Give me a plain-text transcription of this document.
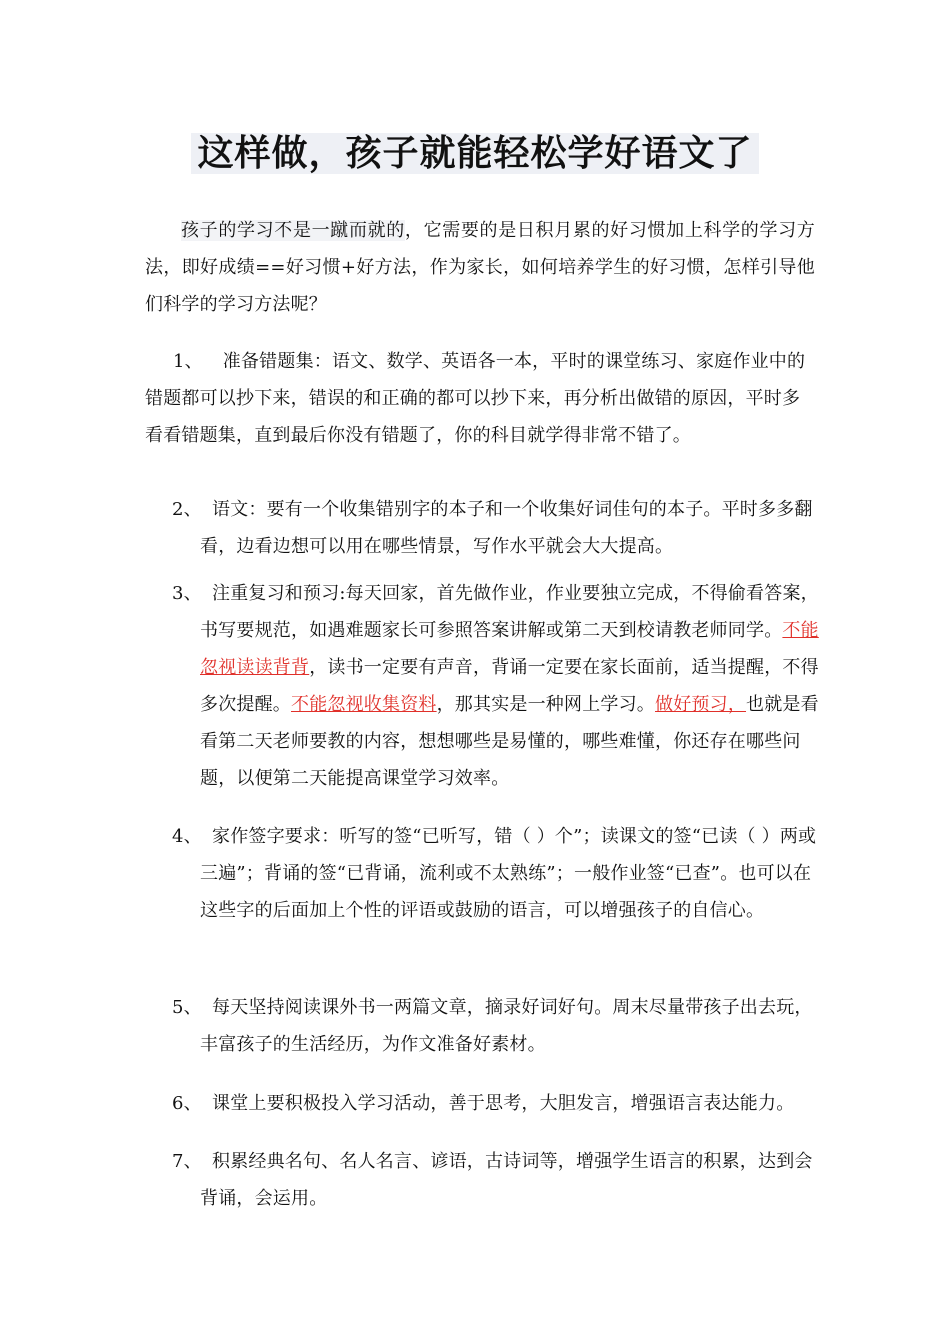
这样做，孩子就能轻松学好语文了
孩子的学习不是一蹴而就的，它需要的是日积月累的好习惯加上科学的学习方法，即好成绩==好习惯+好方法，作为家长，如何培养学生的好习惯，怎样引导他们科学的学习方法呢？
1、 准备错题集：语文、数学、英语各一本，平时的课堂练习、家庭作业中的错题都可以抄下来，错误的和正确的都可以抄下来，再分析出做错的原因，平时多看看错题集，直到最后你没有错题了，你的科目就学得非常不错了。
2、 语文：要有一个收集错别字的本子和一个收集好词佳句的本子。平时多多翻看，边看边想可以用在哪些情景，写作水平就会大大提高。
3、 注重复习和预习:每天回家，首先做作业，作业要独立完成，不得偷看答案，书写要规范，如遇难题家长可参照答案讲解或第二天到校请教老师同学。不能忽视读读背背，读书一定要有声音，背诵一定要在家长面前，适当提醒，不得多次提醒。不能忽视收集资料，那其实是一种网上学习。做好预习，也就是看看第二天老师要教的内容，想想哪些是易懂的，哪些难懂，你还存在哪些问题，以便第二天能提高课堂学习效率。
4、 家作签字要求：听写的签“已听写，错（ ）个”；读课文的签“已读（ ）两或三遍”；背诵的签“已背诵，流利或不太熟练”；一般作业签“已查”。也可以在这些字的后面加上个性的评语或鼓励的语言，可以增强孩子的自信心。
5、 每天坚持阅读课外书一两篇文章，摘录好词好句。周末尽量带孩子出去玩，丰富孩子的生活经历，为作文准备好素材。
6、 课堂上要积极投入学习活动，善于思考，大胆发言，增强语言表达能力。
7、 积累经典名句、名人名言、谚语，古诗词等，增强学生语言的积累，达到会背诵，会运用。
